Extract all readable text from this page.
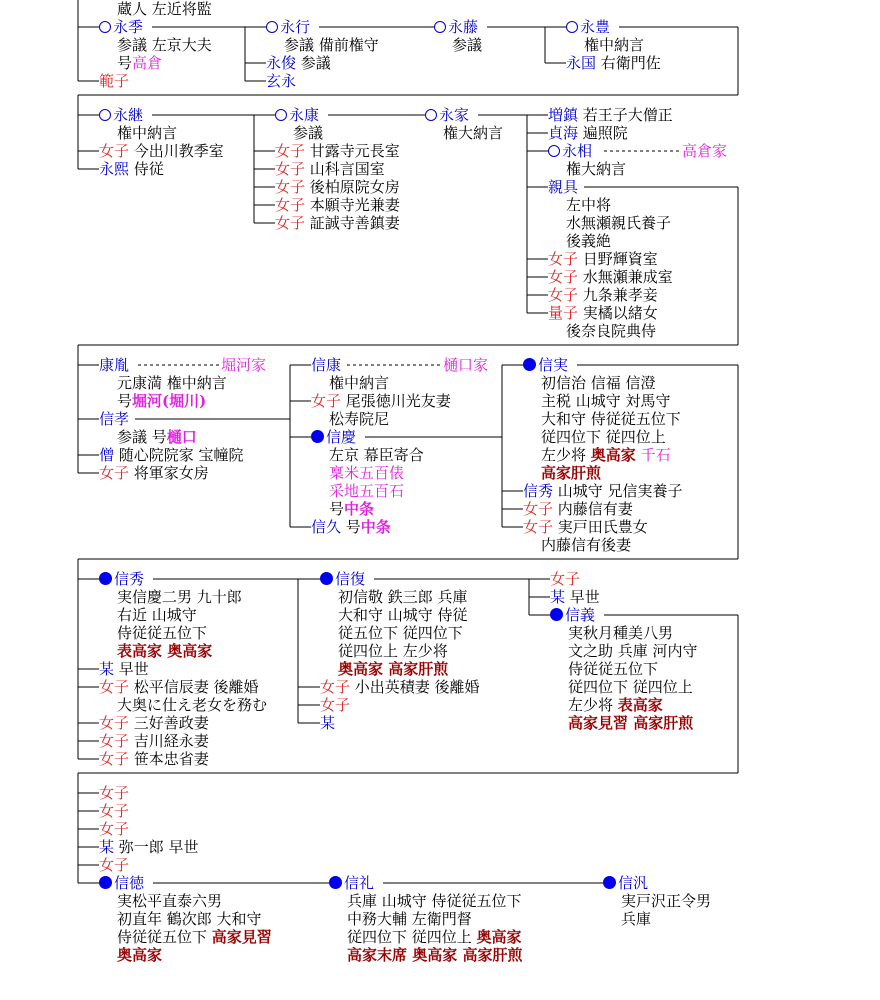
蔵人 左近将監
永季
参議 左京大夫
号高倉
範子
永行
参議 備前権守
永俊 参議
玄永
永藤
参議
永豊
権中納言
永国 右衛門佐
永継
権中納言
女子 今出川教季室
永熙 侍従
永康
参議
女子 甘露寺元長室
女子 山科言国室
女子 後柏原院女房
女子 本願寺光兼妻
女子 証誠寺善鎮妻
永家
権大納言
増鎮 若王子大僧正
貞海 遍照院
永相	高倉家
権大納言
親具
左中将
水無瀬親氏養子
後義絶
女子 日野輝資室
女子 水無瀬兼成室
女子 九条兼孝妾
量子 実橘以緒女
後奈良院典侍
康胤	堀河家
元康満 権中納言
号堀河(堀川)
信孝
参議 号樋口
僧 随心院院家 宝幢院
女子 将軍家女房
信康	樋口家
権中納言
女子 尾張徳川光友妻
松寿院尼
信慶
左京 幕臣寄合
稟米五百俵
采地五百石
号中条
信久 号中条
信実
初信治 信福 信澄
主税 山城守 対馬守
大和守 侍従従五位下
従四位下 従四位上
左少将 奥高家 千石
高家肝煎
信秀 山城守 兄信実養子
女子 内藤信有妻
女子 実戸田氏豊女
内藤信有後妻
信秀
実信慶二男 九十郎
右近 山城守
侍従従五位下
表高家 奥高家
某 早世
女子 松平信辰妻 後離婚
大奥に仕え老女を務む
女子 三好善政妻
女子 吉川経永妻
女子 笹本忠省妻
信復
初信敬 鉄三郎 兵庫
大和守 山城守 侍従
従五位下 従四位下
従四位上 左少将
奥高家 高家肝煎
女子 小出英積妻 後離婚
女子
某
女子
某 早世
信義
実秋月種美八男
文之助 兵庫 河内守
侍従従五位下
従四位下 従四位上
左少将 表高家
高家見習 高家肝煎
女子
女子
女子
某 弥一郎 早世
女子
信徳
実松平直泰六男
初直年 鶴次郎 大和守
侍従従五位下 高家見習
奥高家
信礼
兵庫 山城守 侍従従五位下
中務大輔 左衛門督
従四位下 従四位上 奥高家
高家末席 奥高家 高家肝煎
信汎
実戸沢正令男
兵庫
